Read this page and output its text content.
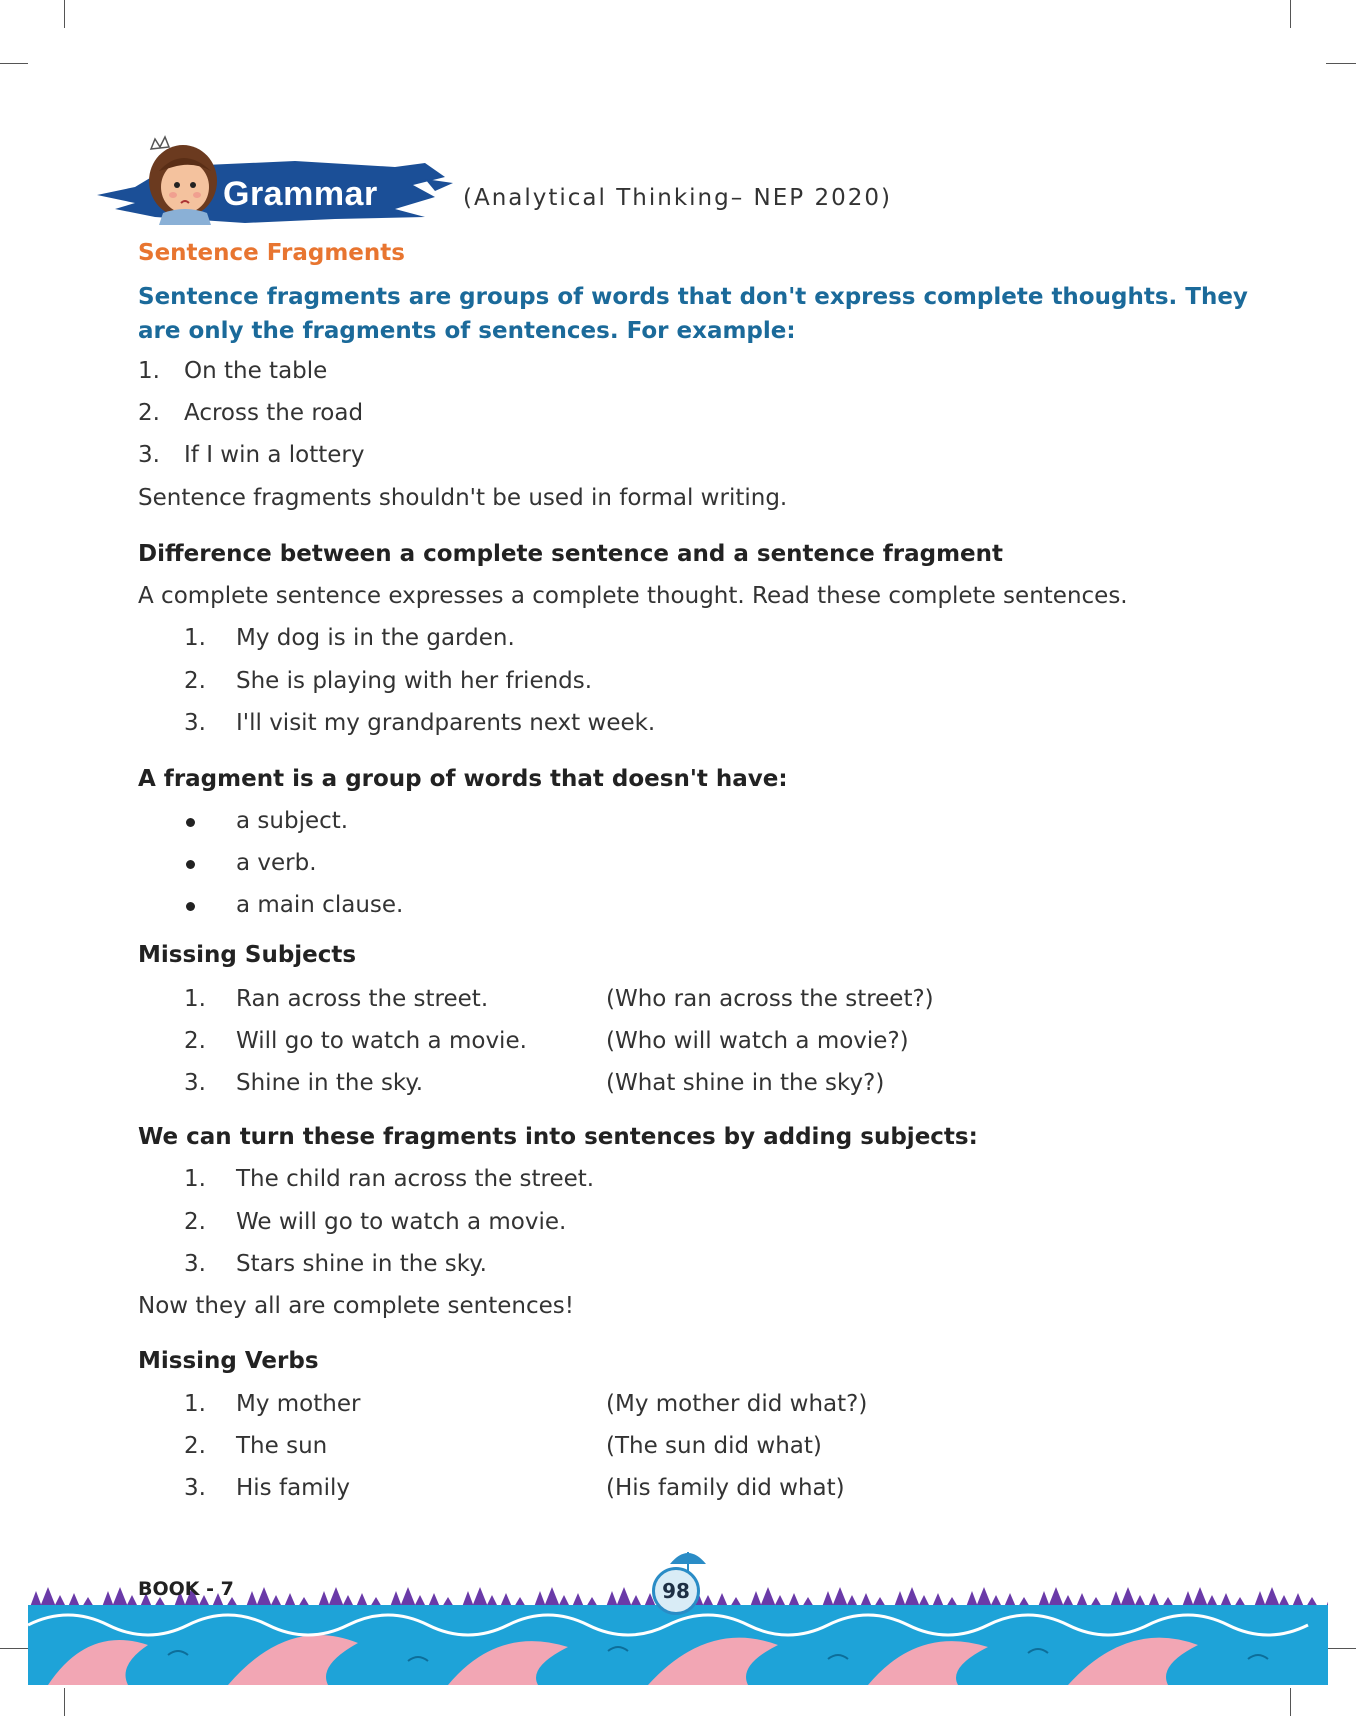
Grammar	(Analytical Thinking– NEP 2020)
Sentence Fragments
Sentence fragments are groups of words that don't express complete thoughts. They are only the fragments of sentences. For example:
1. On the table
2. Across the road
3. If I win a lottery
Sentence fragments shouldn't be used in formal writing.
Difference between a complete sentence and a sentence fragment
A complete sentence expresses a complete thought. Read these complete sentences.
1. My dog is in the garden.
2. She is playing with her friends.
3. I'll visit my grandparents next week.
A fragment is a group of words that doesn't have:
a subject.
a verb.
a main clause.
Missing Subjects
1. Ran across the street.	(Who ran across the street?)
2. Will go to watch a movie.	(Who will watch a movie?)
3. Shine in the sky.	(What shine in the sky?)
We can turn these fragments into sentences by adding subjects:
1. The child ran across the street.
2. We will go to watch a movie.
3. Stars shine in the sky.
Now they all are complete sentences!
Missing Verbs
1. My mother	(My mother did what?)
2. The sun	(The sun did what)
3. His family	(His family did what)
BOOK - 7	98
